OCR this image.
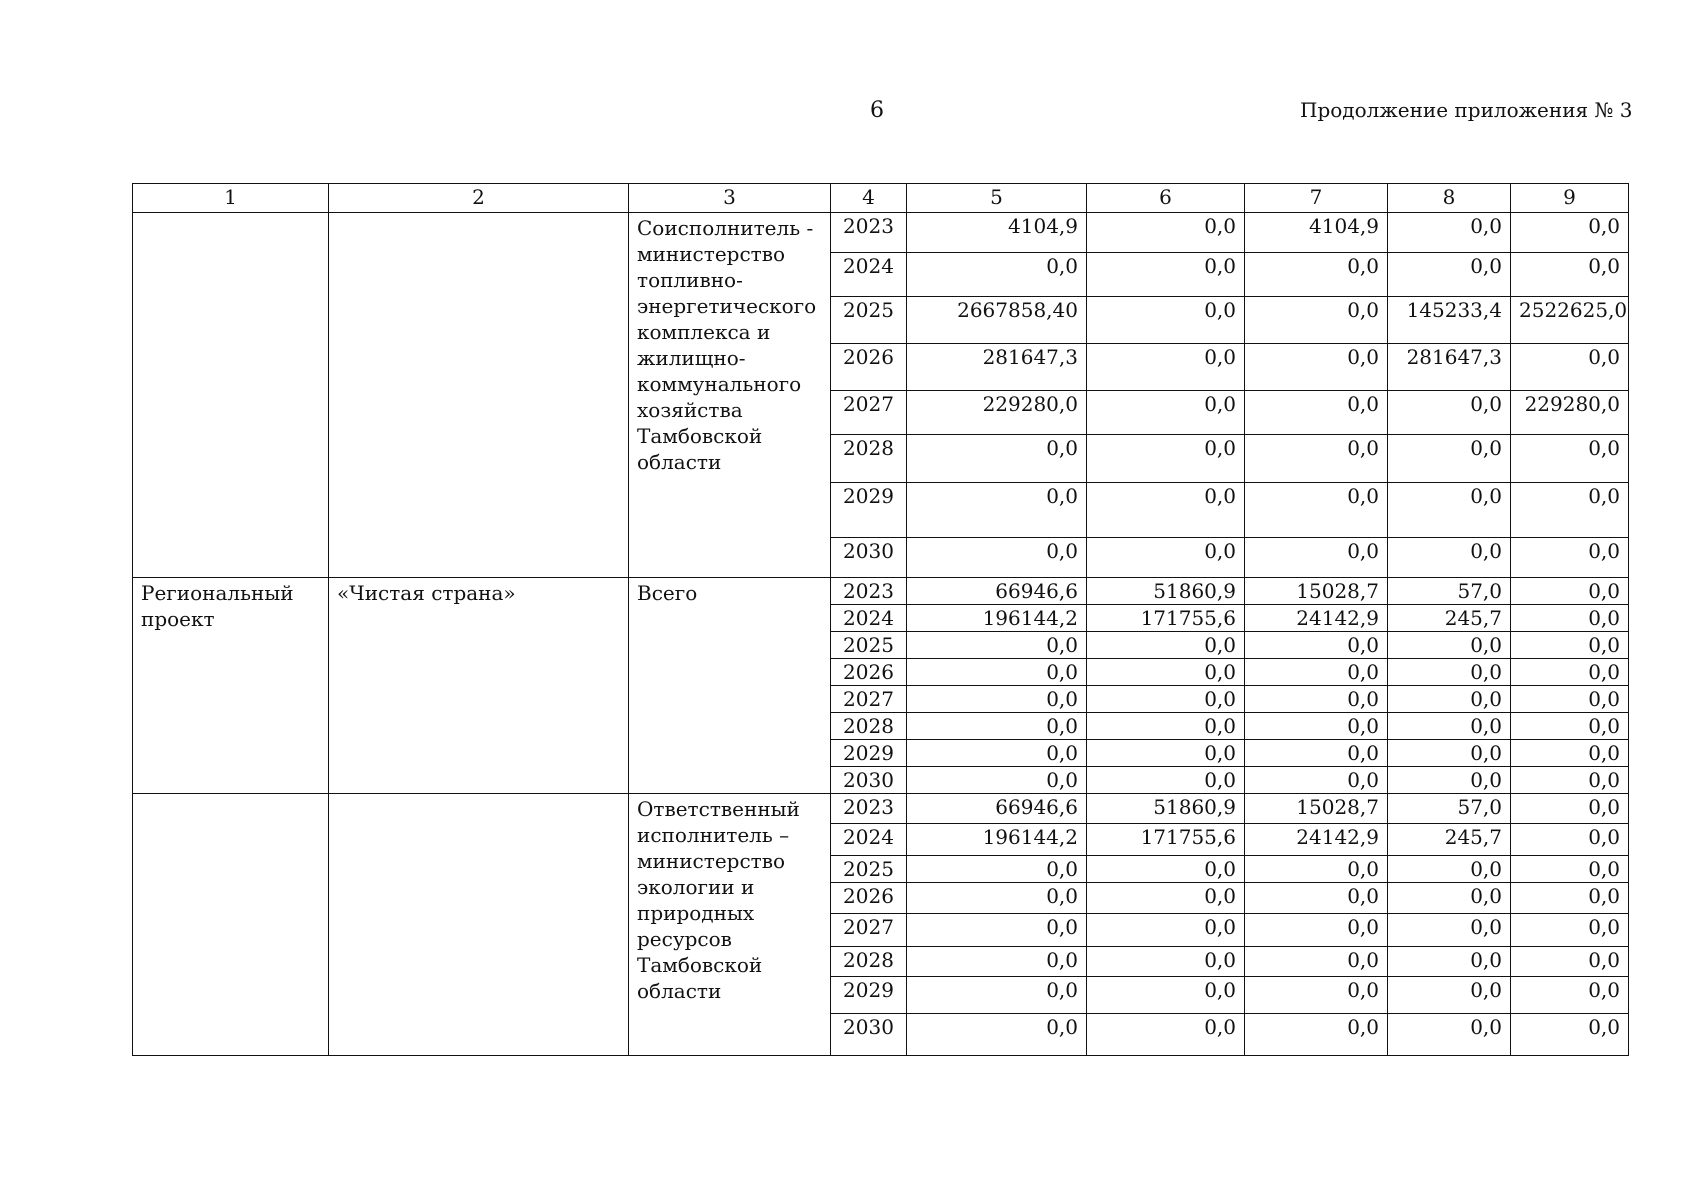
6	Продолжение приложения № 3
1	2	3	4	5	6	7	8	9
		Соисполнитель - министерство топливно-энергетического комплекса и жилищно-коммунального хозяйства Тамбовской области	2023	4104,9	0,0	4104,9	0,0	0,0
			2024	0,0	0,0	0,0	0,0	0,0
			2025	2667858,40	0,0	0,0	145233,4	2522625,0
			2026	281647,3	0,0	0,0	281647,3	0,0
			2027	229280,0	0,0	0,0	0,0	229280,0
			2028	0,0	0,0	0,0	0,0	0,0
			2029	0,0	0,0	0,0	0,0	0,0
			2030	0,0	0,0	0,0	0,0	0,0
Региональный проект	«Чистая страна»	Всего	2023	66946,6	51860,9	15028,7	57,0	0,0
			2024	196144,2	171755,6	24142,9	245,7	0,0
			2025	0,0	0,0	0,0	0,0	0,0
			2026	0,0	0,0	0,0	0,0	0,0
			2027	0,0	0,0	0,0	0,0	0,0
			2028	0,0	0,0	0,0	0,0	0,0
			2029	0,0	0,0	0,0	0,0	0,0
			2030	0,0	0,0	0,0	0,0	0,0
		Ответственный исполнитель – министерство экологии и природных ресурсов Тамбовской области	2023	66946,6	51860,9	15028,7	57,0	0,0
			2024	196144,2	171755,6	24142,9	245,7	0,0
			2025	0,0	0,0	0,0	0,0	0,0
			2026	0,0	0,0	0,0	0,0	0,0
			2027	0,0	0,0	0,0	0,0	0,0
			2028	0,0	0,0	0,0	0,0	0,0
			2029	0,0	0,0	0,0	0,0	0,0
			2030	0,0	0,0	0,0	0,0	0,0
